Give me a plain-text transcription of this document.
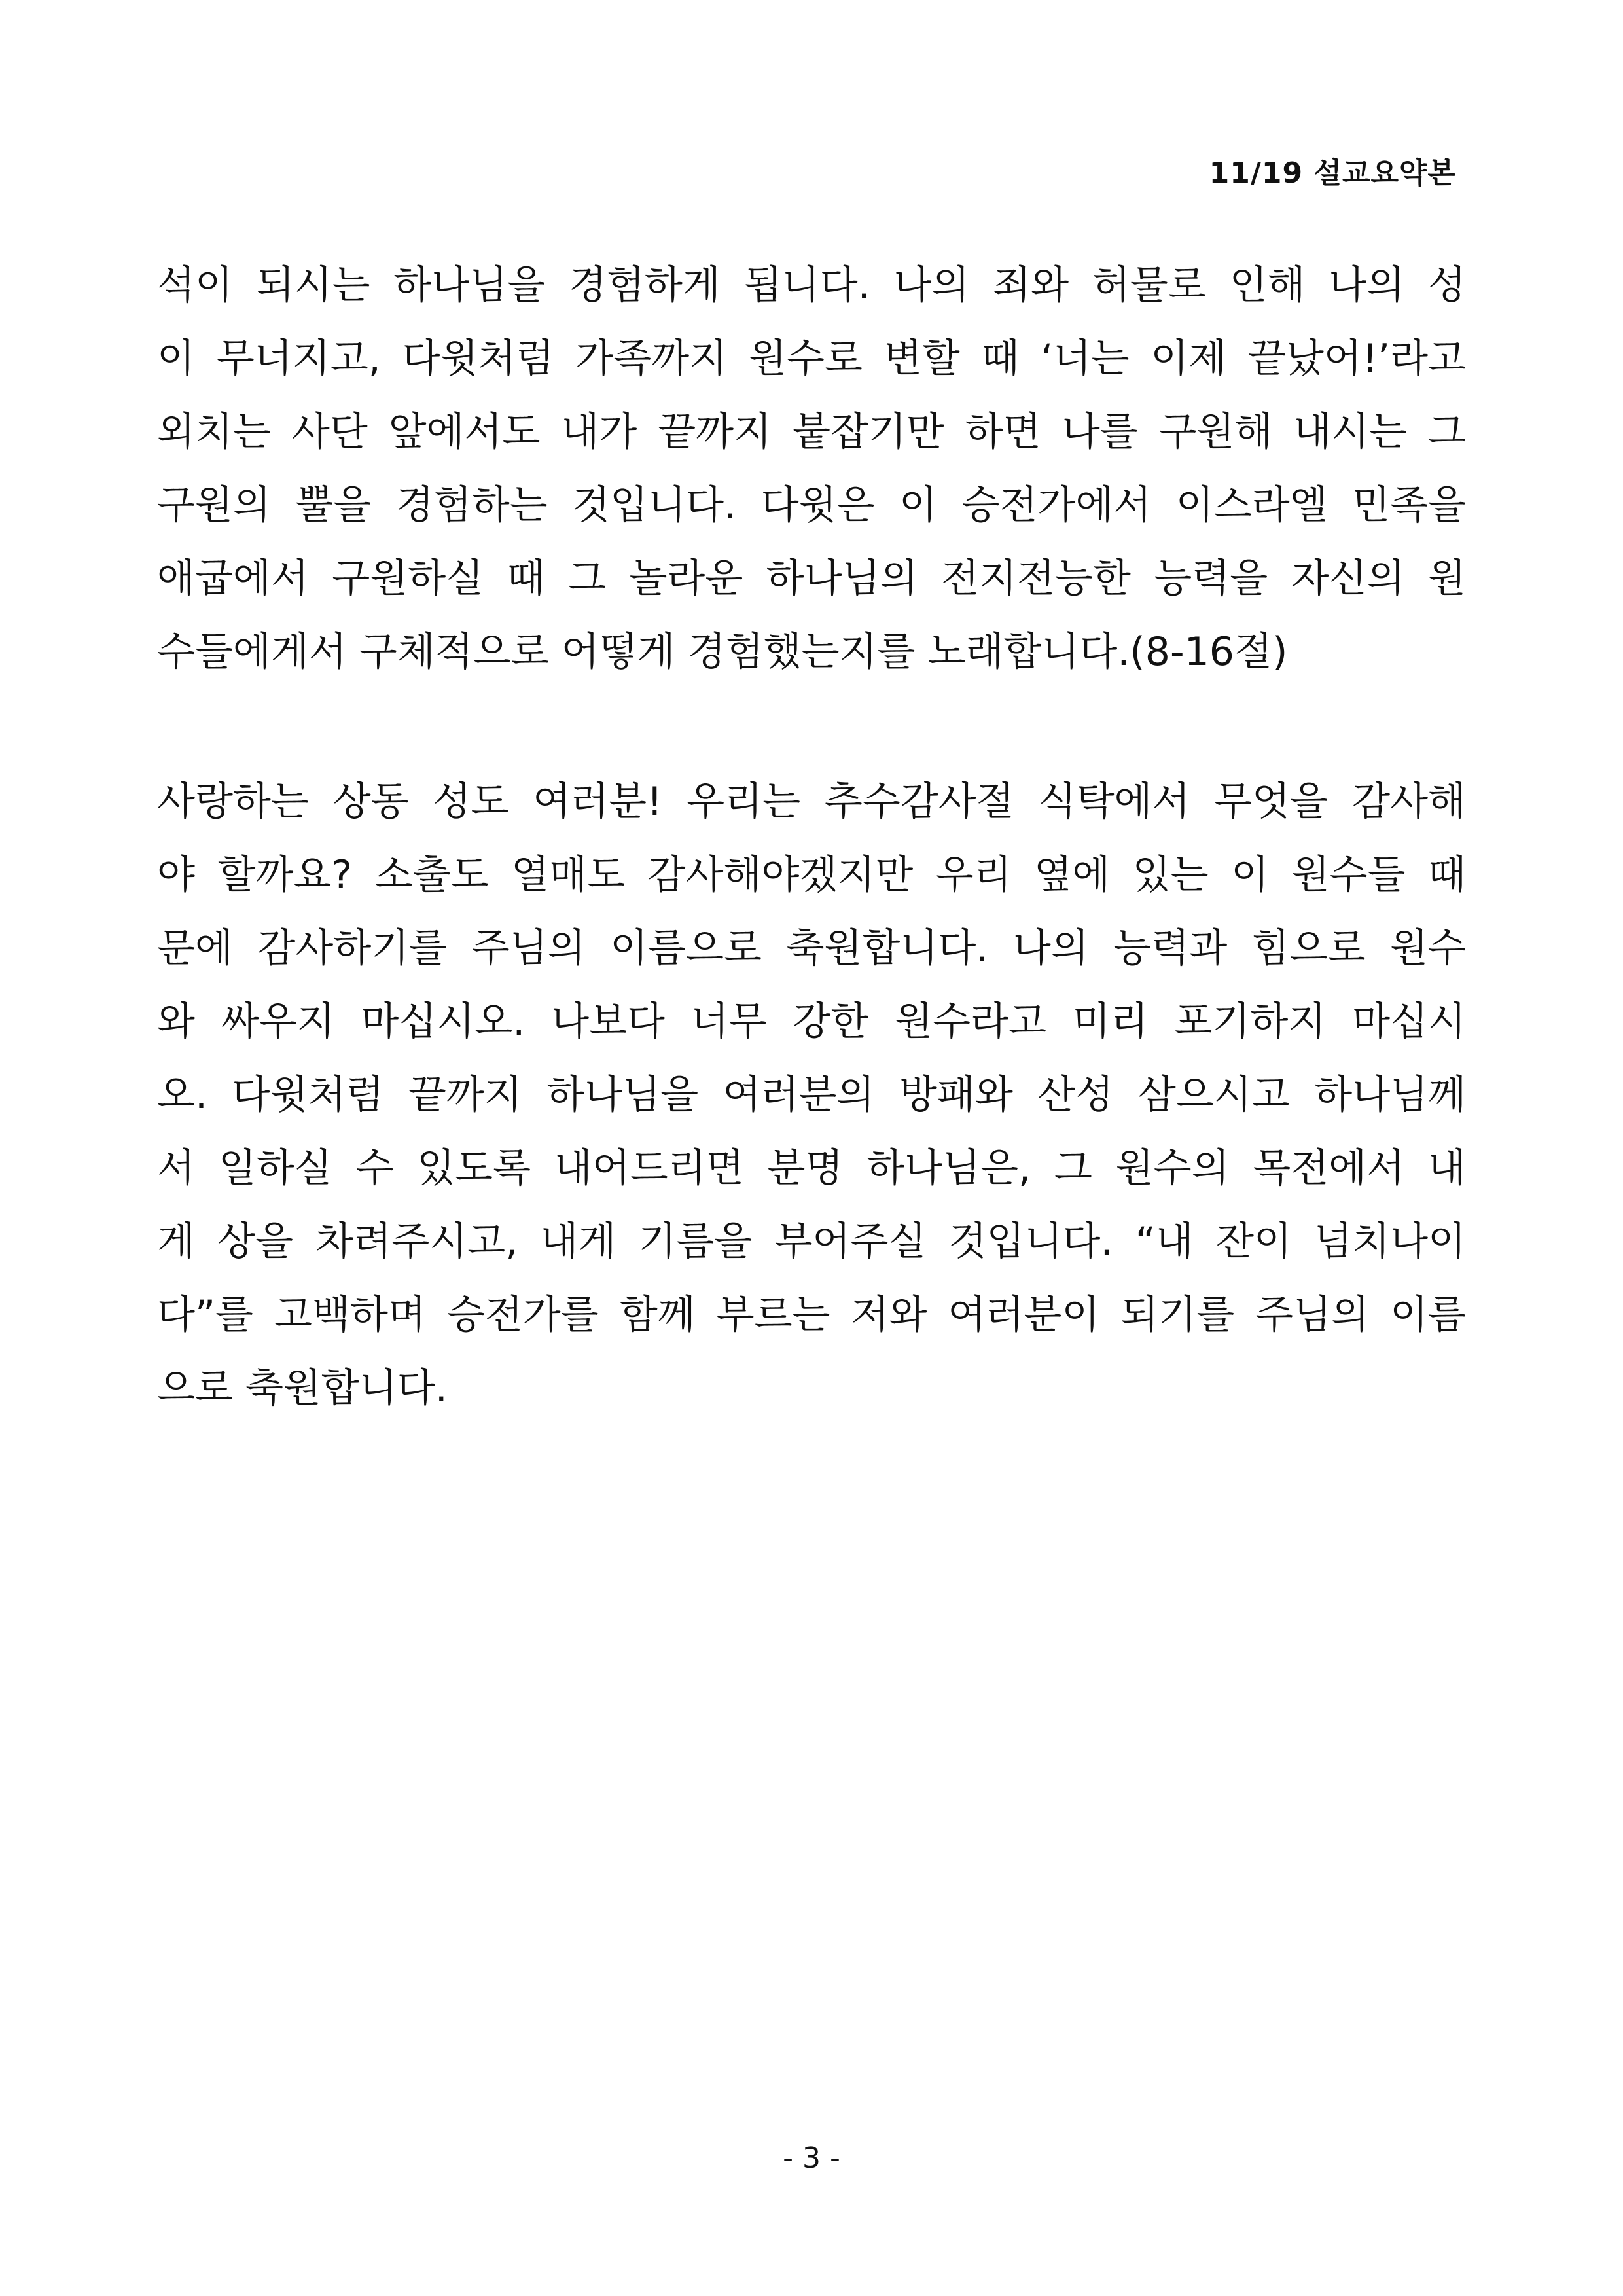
11/19 설교요약본

석이 되시는 하나님을 경험하게 됩니다. 나의 죄와 허물로 인해 나의 성
이 무너지고, 다윗처럼 가족까지 원수로 변할 때 ‘너는 이제 끝났어!’라고
외치는 사단 앞에서도 내가 끝까지 붙잡기만 하면 나를 구원해 내시는 그
구원의 뿔을 경험하는 것입니다. 다윗은 이 승전가에서 이스라엘 민족을
애굽에서 구원하실 때 그 놀라운 하나님의 전지전능한 능력을 자신의 원
수들에게서 구체적으로 어떻게 경험했는지를 노래합니다.(8-16절)

사랑하는 상동 성도 여러분! 우리는 추수감사절 식탁에서 무엇을 감사해
야 할까요? 소출도 열매도 감사해야겠지만 우리 옆에 있는 이 원수들 때
문에 감사하기를 주님의 이름으로 축원합니다. 나의 능력과 힘으로 원수
와 싸우지 마십시오. 나보다 너무 강한 원수라고 미리 포기하지 마십시
오. 다윗처럼 끝까지 하나님을 여러분의 방패와 산성 삼으시고 하나님께
서 일하실 수 있도록 내어드리면 분명 하나님은, 그 원수의 목전에서 내
게 상을 차려주시고, 내게 기름을 부어주실 것입니다. “내 잔이 넘치나이
다”를 고백하며 승전가를 함께 부르는 저와 여러분이 되기를 주님의 이름
으로 축원합니다.

- 3 -
